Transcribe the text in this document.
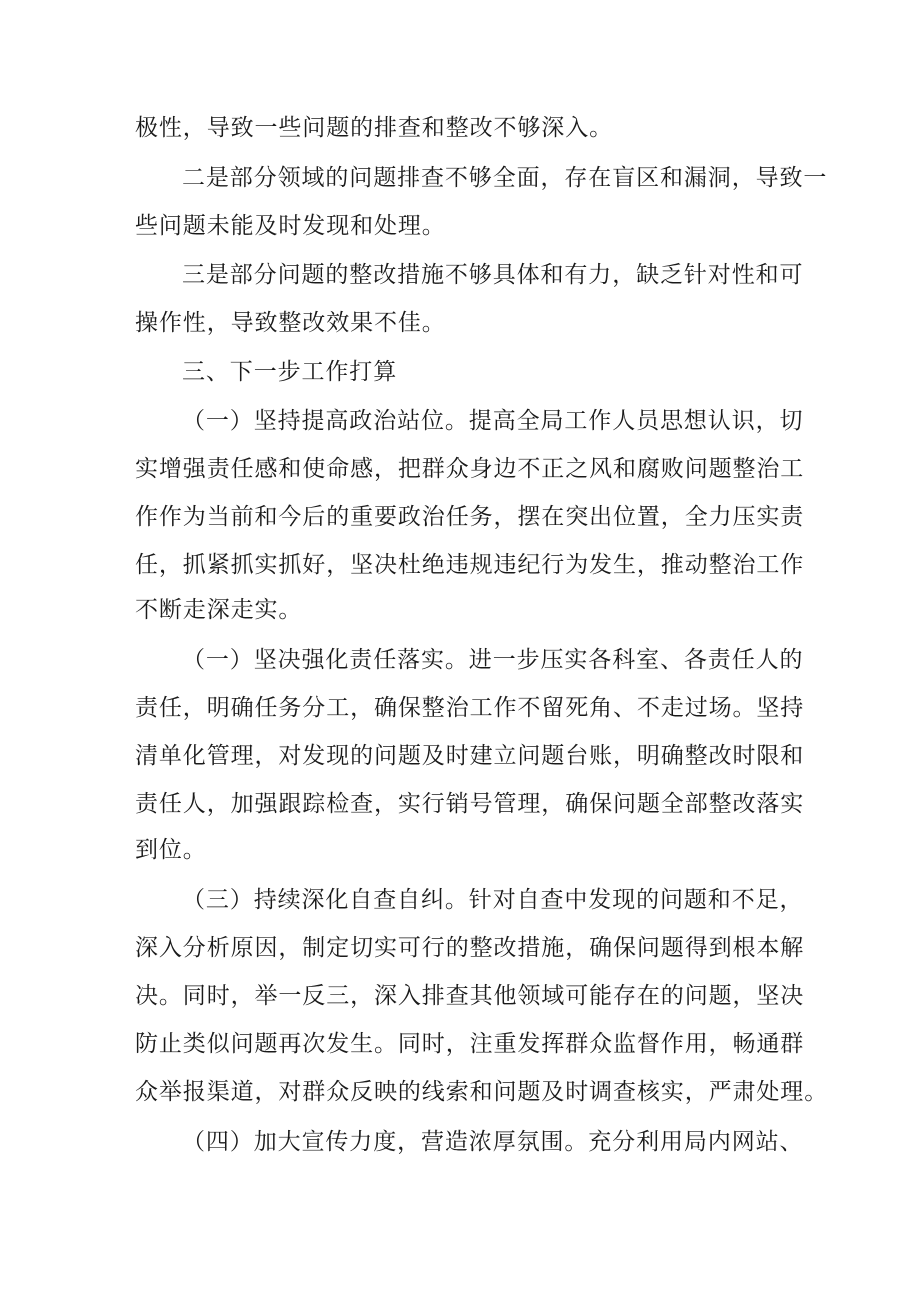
极性，导致一些问题的排查和整改不够深入。
二是部分领域的问题排查不够全面，存在盲区和漏洞，导致一
些问题未能及时发现和处理。
三是部分问题的整改措施不够具体和有力，缺乏针对性和可
操作性，导致整改效果不佳。
三、下一步工作打算
（一）坚持提高政治站位。提高全局工作人员思想认识，切
实增强责任感和使命感，把群众身边不正之风和腐败问题整治工
作作为当前和今后的重要政治任务，摆在突出位置，全力压实责
任，抓紧抓实抓好，坚决杜绝违规违纪行为发生，推动整治工作
不断走深走实。
（一）坚决强化责任落实。进一步压实各科室、各责任人的
责任，明确任务分工，确保整治工作不留死角、不走过场。坚持
清单化管理，对发现的问题及时建立问题台账，明确整改时限和
责任人，加强跟踪检查，实行销号管理，确保问题全部整改落实
到位。
（三）持续深化自查自纠。针对自查中发现的问题和不足，
深入分析原因，制定切实可行的整改措施，确保问题得到根本解
决。同时，举一反三，深入排查其他领域可能存在的问题，坚决
防止类似问题再次发生。同时，注重发挥群众监督作用，畅通群
众举报渠道，对群众反映的线索和问题及时调查核实，严肃处理。
（四）加大宣传力度，营造浓厚氛围。充分利用局内网站、
